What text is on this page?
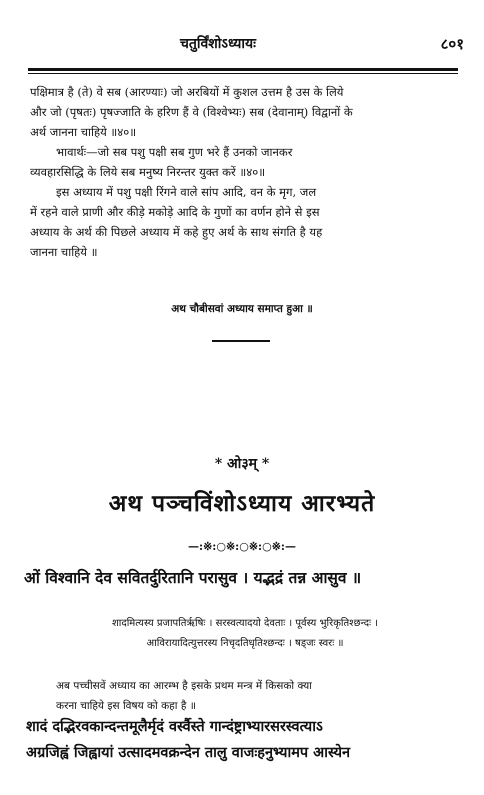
चतुर्विंशोऽध्यायः	८०१

पक्षिमात्र है (ते) वे सब (आरण्याः) जो अरबियों में कुशल उत्तम है उस के लिये

और जो (पृषतः) पृषज्जाति के हरिण हैं वे (विश्वेभ्यः) सब (देवानाम्) विद्वानों के

अर्थ जानना चाहिये ॥४०॥

भावार्थः—जो सब पशु पक्षी सब गुण भरे हैं उनको जानकर

व्यवहारसिद्धि के लिये सब मनुष्य निरन्तर युक्त करें ॥४०॥

इस अध्याय में पशु पक्षी रिंगने वाले सांप आदि, वन के मृग, जल

में रहने वाले प्राणी और कीड़े मकोड़े आदि के गुणों का वर्णन होने से इस

अध्याय के अर्थ की पिछले अध्याय में कहे हुए अर्थ के साथ संगति है यह

जानना चाहिये ॥

अथ चौबीसवां अध्याय समाप्त हुआ ॥
* ओ३म् *
अथ पञ्चविंशोऽध्याय आरभ्यते
—:※:○※:○※:○※:—
ओं विश्वानि देव सवितर्दुरितानि परासुव । यद्भद्रं तन्न आसुव ॥

शादमित्यस्य प्रजापतिर्ऋषिः । सरस्वत्यादयो देवताः । पूर्वस्य भुरिकृतिश्छन्दः ।

आविरायादित्युत्तरस्य निचृदतिधृतिश्छन्दः । षड्जः स्वरः ॥

अब पच्चीसवें अध्याय का आरम्भ है इसके प्रथम मन्त्र में किसको क्या

करना चाहिये इस विषय को कहा है ॥

शादं दद्भिरवकान्दन्तमूलैर्मृदं वर्स्वैस्ते गान्दंष्ट्राभ्यारसरस्वत्याऽ

अग्रजिह्वं जिह्वायां उत्सादमवक्रन्देन तालु वाजःहनुभ्यामप आस्येन
